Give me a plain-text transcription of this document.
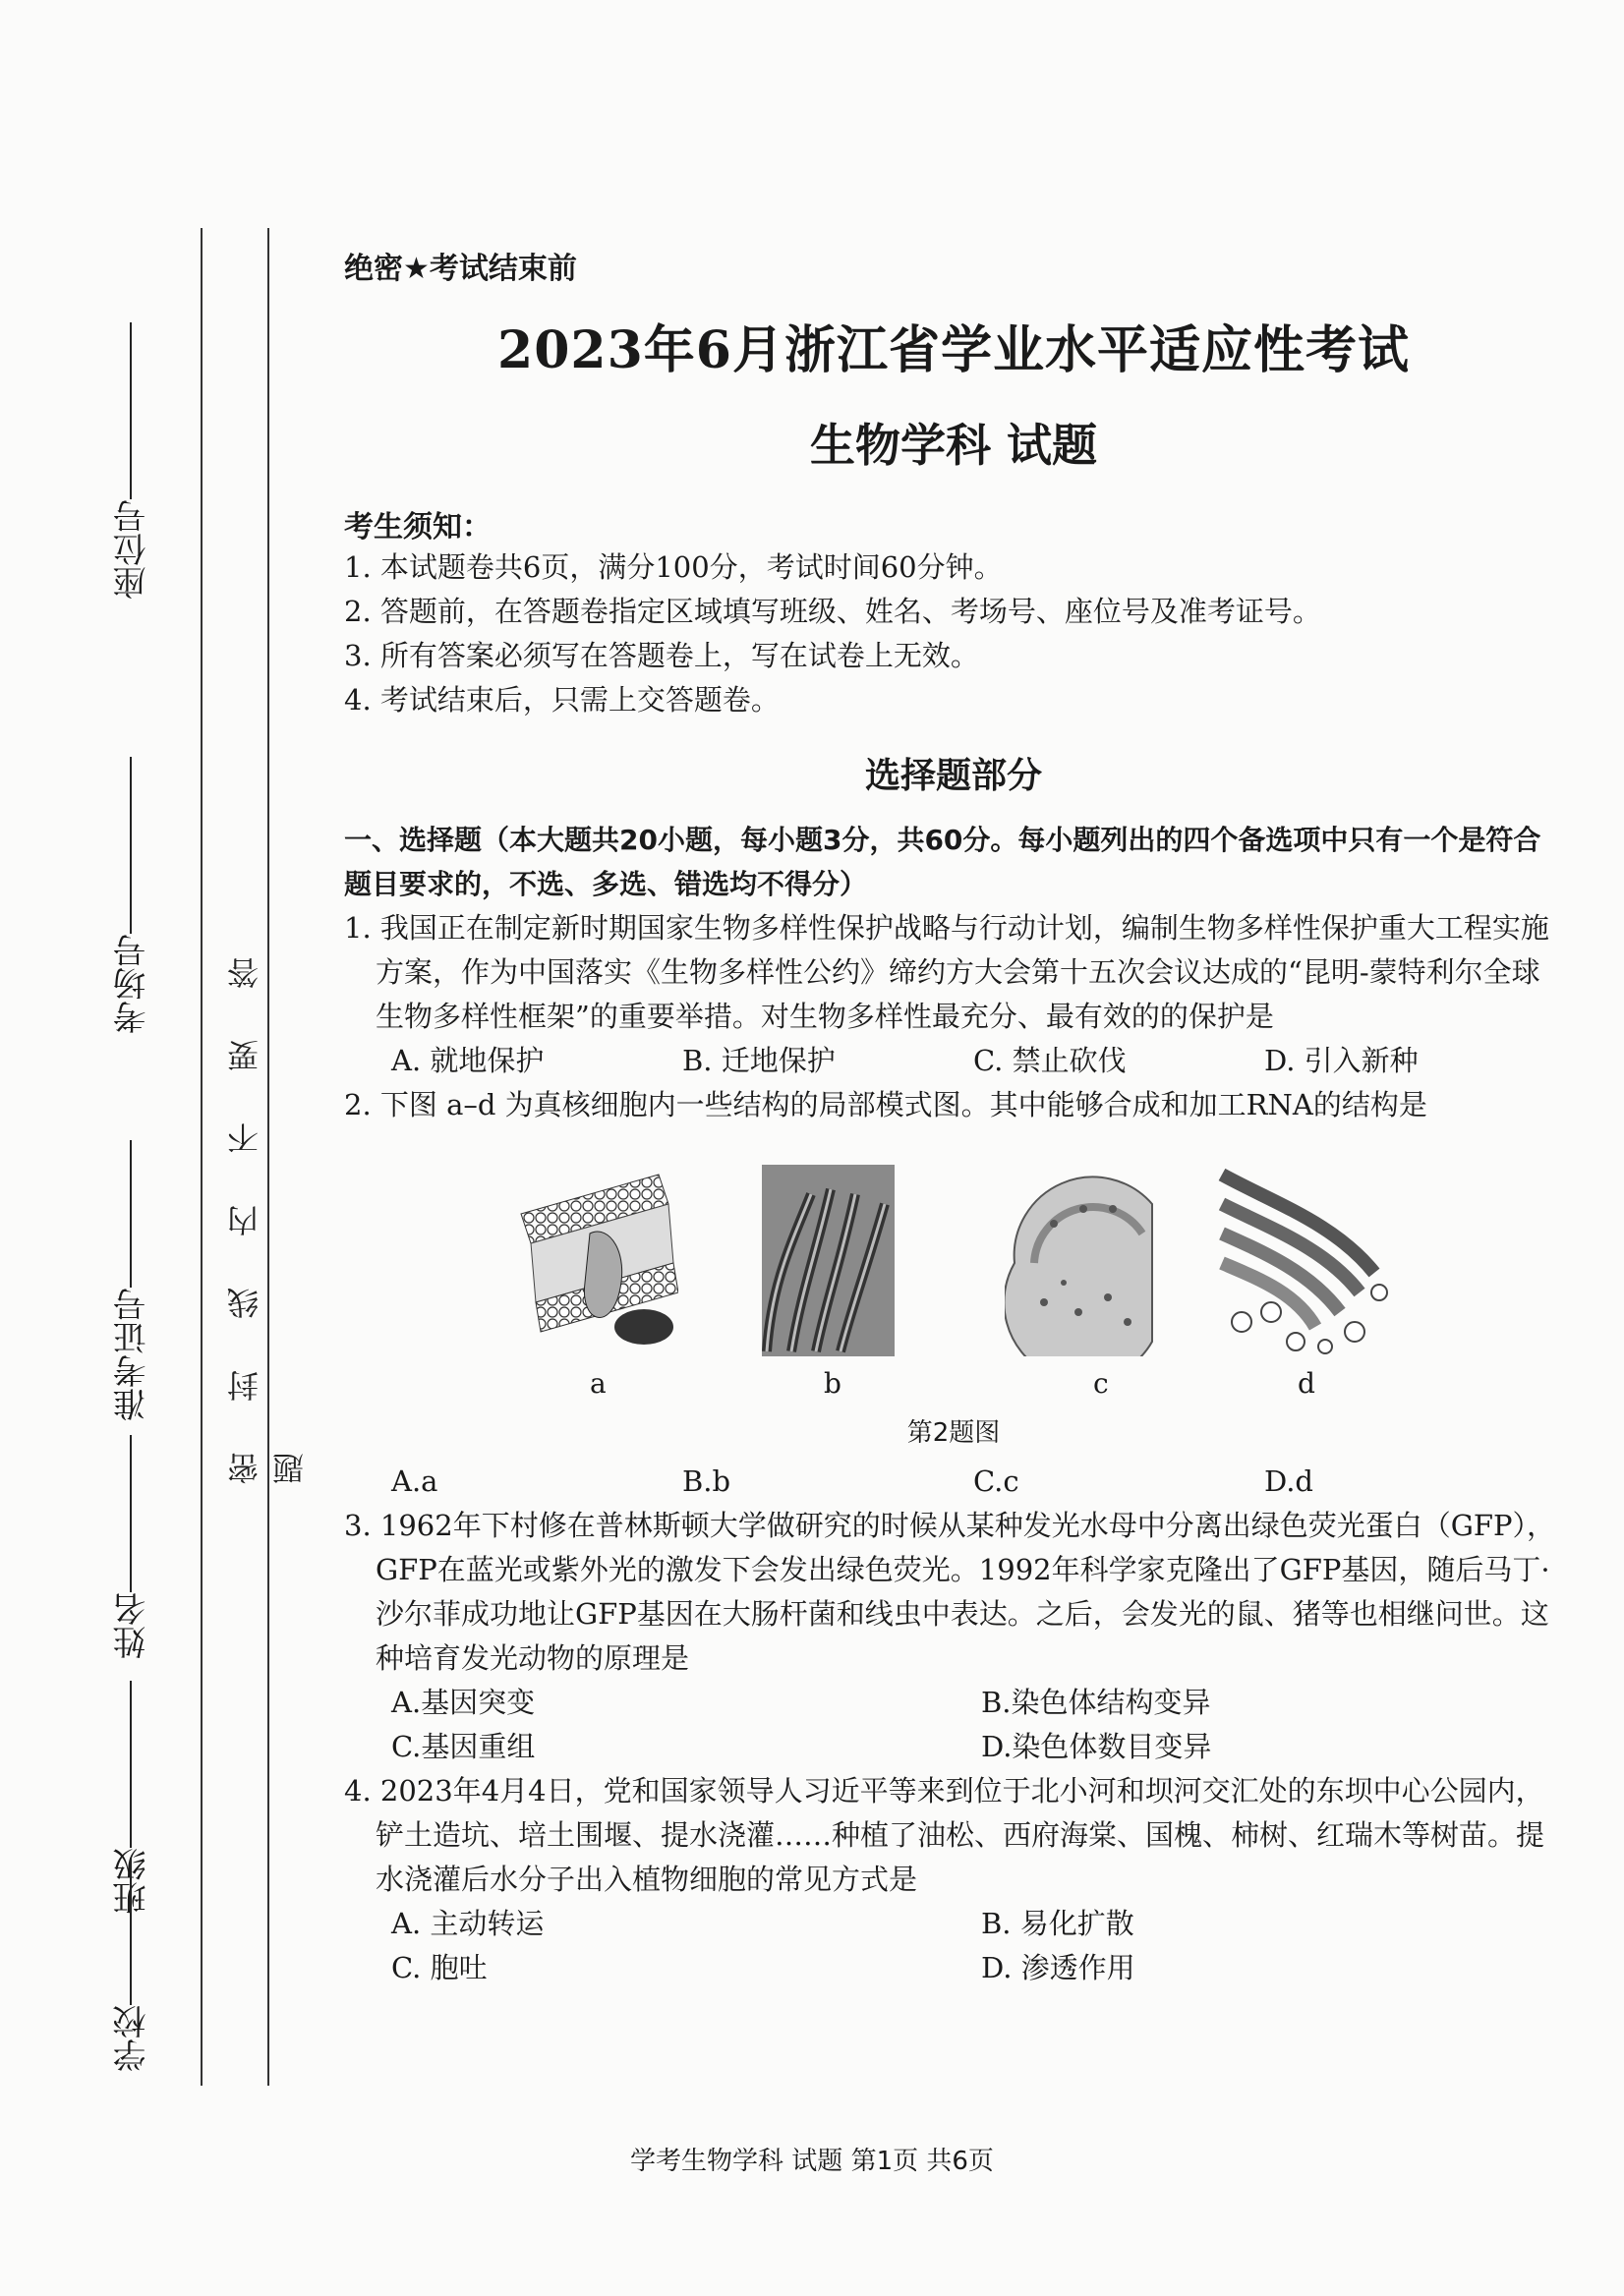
座位号
考场号
准考证号
姓名
班级
学校
密封线内不要答题
绝密★考试结束前
2023年6月浙江省学业水平适应性考试
生物学科 试题
考生须知：
1. 本试题卷共6页，满分100分，考试时间60分钟。
2. 答题前，在答题卷指定区域填写班级、姓名、考场号、座位号及准考证号。
3. 所有答案必须写在答题卷上，写在试卷上无效。
4. 考试结束后，只需上交答题卷。
选择题部分
一、选择题（本大题共20小题，每小题3分，共60分。每小题列出的四个备选项中只有一个是符合题目要求的，不选、多选、错选均不得分）
1. 我国正在制定新时期国家生物多样性保护战略与行动计划，编制生物多样性保护重大工程实施方案，作为中国落实《生物多样性公约》缔约方大会第十五次会议达成的“昆明-蒙特利尔全球生物多样性框架”的重要举措。对生物多样性最充分、最有效的的保护是
A. 就地保护	B. 迁地保护	C. 禁止砍伐	D. 引入新种
2. 下图 a–d 为真核细胞内一些结构的局部模式图。其中能够合成和加工RNA的结构是
a	b	c	d
第2题图
A.a	B.b	C.c	D.d
3. 1962年下村修在普林斯顿大学做研究的时候从某种发光水母中分离出绿色荧光蛋白（GFP），GFP在蓝光或紫外光的激发下会发出绿色荧光。1992年科学家克隆出了GFP基因，随后马丁·沙尔菲成功地让GFP基因在大肠杆菌和线虫中表达。之后，会发光的鼠、猪等也相继问世。这种培育发光动物的原理是
A.基因突变	B.染色体结构变异
C.基因重组	D.染色体数目变异
4. 2023年4月4日，党和国家领导人习近平等来到位于北小河和坝河交汇处的东坝中心公园内，铲土造坑、培土围堰、提水浇灌……种植了油松、西府海棠、国槐、柿树、红瑞木等树苗。提水浇灌后水分子出入植物细胞的常见方式是
A. 主动转运	B. 易化扩散
C. 胞吐	D. 渗透作用
学考生物学科 试题 第1页 共6页
